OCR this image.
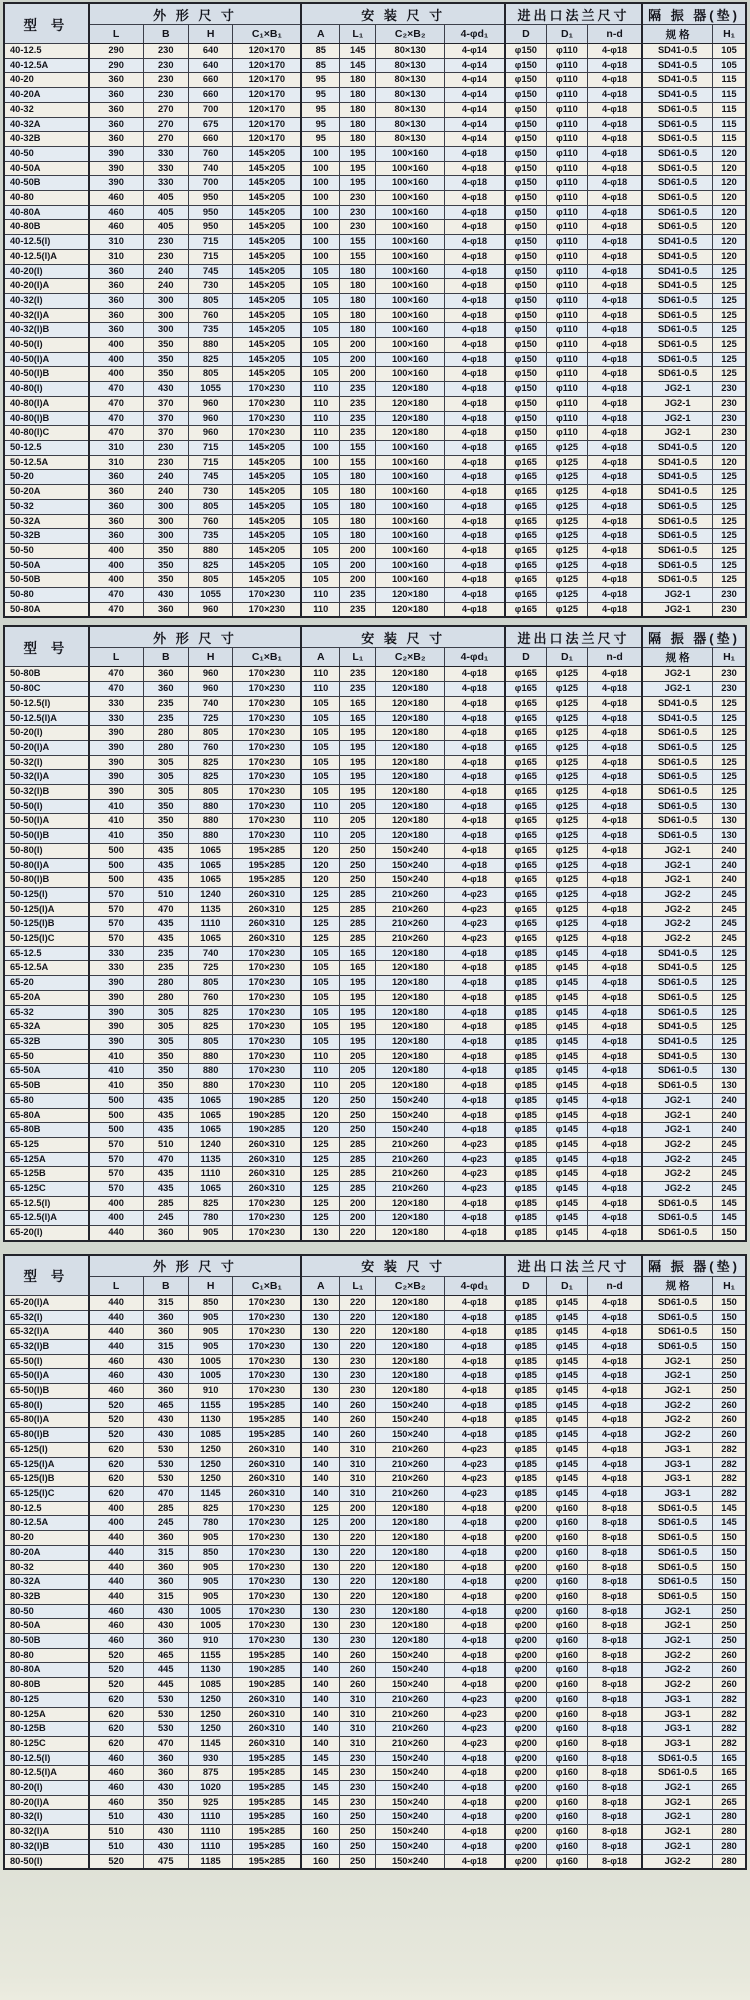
型 号	外 形 尺 寸				安 装 尺 寸				进出口法兰尺寸			隔 振 器(垫)	
	L	B	H	C₁×B₁	A	L₁	C₂×B₂	4-φd₁	D	D₁	n-d	规 格	H₁
40-12.5	290	230	640	120×170	85	145	80×130	4-φ14	φ150	φ110	4-φ18	SD41-0.5	105
40-12.5A	290	230	640	120×170	85	145	80×130	4-φ14	φ150	φ110	4-φ18	SD41-0.5	105
40-20	360	230	660	120×170	95	180	80×130	4-φ14	φ150	φ110	4-φ18	SD41-0.5	115
40-20A	360	230	660	120×170	95	180	80×130	4-φ14	φ150	φ110	4-φ18	SD41-0.5	115
40-32	360	270	700	120×170	95	180	80×130	4-φ14	φ150	φ110	4-φ18	SD61-0.5	115
40-32A	360	270	675	120×170	95	180	80×130	4-φ14	φ150	φ110	4-φ18	SD61-0.5	115
40-32B	360	270	660	120×170	95	180	80×130	4-φ14	φ150	φ110	4-φ18	SD61-0.5	115
40-50	390	330	760	145×205	100	195	100×160	4-φ18	φ150	φ110	4-φ18	SD61-0.5	120
40-50A	390	330	740	145×205	100	195	100×160	4-φ18	φ150	φ110	4-φ18	SD61-0.5	120
40-50B	390	330	700	145×205	100	195	100×160	4-φ18	φ150	φ110	4-φ18	SD61-0.5	120
40-80	460	405	950	145×205	100	230	100×160	4-φ18	φ150	φ110	4-φ18	SD61-0.5	120
40-80A	460	405	950	145×205	100	230	100×160	4-φ18	φ150	φ110	4-φ18	SD61-0.5	120
40-80B	460	405	950	145×205	100	230	100×160	4-φ18	φ150	φ110	4-φ18	SD61-0.5	120
40-12.5(I)	310	230	715	145×205	100	155	100×160	4-φ18	φ150	φ110	4-φ18	SD41-0.5	120
40-12.5(I)A	310	230	715	145×205	100	155	100×160	4-φ18	φ150	φ110	4-φ18	SD41-0.5	120
40-20(I)	360	240	745	145×205	105	180	100×160	4-φ18	φ150	φ110	4-φ18	SD41-0.5	125
40-20(I)A	360	240	730	145×205	105	180	100×160	4-φ18	φ150	φ110	4-φ18	SD41-0.5	125
40-32(I)	360	300	805	145×205	105	180	100×160	4-φ18	φ150	φ110	4-φ18	SD61-0.5	125
40-32(I)A	360	300	760	145×205	105	180	100×160	4-φ18	φ150	φ110	4-φ18	SD61-0.5	125
40-32(I)B	360	300	735	145×205	105	180	100×160	4-φ18	φ150	φ110	4-φ18	SD61-0.5	125
40-50(I)	400	350	880	145×205	105	200	100×160	4-φ18	φ150	φ110	4-φ18	SD61-0.5	125
40-50(I)A	400	350	825	145×205	105	200	100×160	4-φ18	φ150	φ110	4-φ18	SD61-0.5	125
40-50(I)B	400	350	805	145×205	105	200	100×160	4-φ18	φ150	φ110	4-φ18	SD61-0.5	125
40-80(I)	470	430	1055	170×230	110	235	120×180	4-φ18	φ150	φ110	4-φ18	JG2-1	230
40-80(I)A	470	370	960	170×230	110	235	120×180	4-φ18	φ150	φ110	4-φ18	JG2-1	230
40-80(I)B	470	370	960	170×230	110	235	120×180	4-φ18	φ150	φ110	4-φ18	JG2-1	230
40-80(I)C	470	370	960	170×230	110	235	120×180	4-φ18	φ150	φ110	4-φ18	JG2-1	230
50-12.5	310	230	715	145×205	100	155	100×160	4-φ18	φ165	φ125	4-φ18	SD41-0.5	120
50-12.5A	310	230	715	145×205	100	155	100×160	4-φ18	φ165	φ125	4-φ18	SD41-0.5	120
50-20	360	240	745	145×205	105	180	100×160	4-φ18	φ165	φ125	4-φ18	SD41-0.5	125
50-20A	360	240	730	145×205	105	180	100×160	4-φ18	φ165	φ125	4-φ18	SD41-0.5	125
50-32	360	300	805	145×205	105	180	100×160	4-φ18	φ165	φ125	4-φ18	SD61-0.5	125
50-32A	360	300	760	145×205	105	180	100×160	4-φ18	φ165	φ125	4-φ18	SD61-0.5	125
50-32B	360	300	735	145×205	105	180	100×160	4-φ18	φ165	φ125	4-φ18	SD61-0.5	125
50-50	400	350	880	145×205	105	200	100×160	4-φ18	φ165	φ125	4-φ18	SD61-0.5	125
50-50A	400	350	825	145×205	105	200	100×160	4-φ18	φ165	φ125	4-φ18	SD61-0.5	125
50-50B	400	350	805	145×205	105	200	100×160	4-φ18	φ165	φ125	4-φ18	SD61-0.5	125
50-80	470	430	1055	170×230	110	235	120×180	4-φ18	φ165	φ125	4-φ18	JG2-1	230
50-80A	470	360	960	170×230	110	235	120×180	4-φ18	φ165	φ125	4-φ18	JG2-1	230
型 号	外 形 尺 寸				安 装 尺 寸				进出口法兰尺寸			隔 振 器(垫)	
	L	B	H	C₁×B₁	A	L₁	C₂×B₂	4-φd₁	D	D₁	n-d	规 格	H₁
50-80B	470	360	960	170×230	110	235	120×180	4-φ18	φ165	φ125	4-φ18	JG2-1	230
50-80C	470	360	960	170×230	110	235	120×180	4-φ18	φ165	φ125	4-φ18	JG2-1	230
50-12.5(I)	330	235	740	170×230	105	165	120×180	4-φ18	φ165	φ125	4-φ18	SD41-0.5	125
50-12.5(I)A	330	235	725	170×230	105	165	120×180	4-φ18	φ165	φ125	4-φ18	SD41-0.5	125
50-20(I)	390	280	805	170×230	105	195	120×180	4-φ18	φ165	φ125	4-φ18	SD61-0.5	125
50-20(I)A	390	280	760	170×230	105	195	120×180	4-φ18	φ165	φ125	4-φ18	SD61-0.5	125
50-32(I)	390	305	825	170×230	105	195	120×180	4-φ18	φ165	φ125	4-φ18	SD61-0.5	125
50-32(I)A	390	305	825	170×230	105	195	120×180	4-φ18	φ165	φ125	4-φ18	SD61-0.5	125
50-32(I)B	390	305	805	170×230	105	195	120×180	4-φ18	φ165	φ125	4-φ18	SD61-0.5	125
50-50(I)	410	350	880	170×230	110	205	120×180	4-φ18	φ165	φ125	4-φ18	SD61-0.5	130
50-50(I)A	410	350	880	170×230	110	205	120×180	4-φ18	φ165	φ125	4-φ18	SD61-0.5	130
50-50(I)B	410	350	880	170×230	110	205	120×180	4-φ18	φ165	φ125	4-φ18	SD61-0.5	130
50-80(I)	500	435	1065	195×285	120	250	150×240	4-φ18	φ165	φ125	4-φ18	JG2-1	240
50-80(I)A	500	435	1065	195×285	120	250	150×240	4-φ18	φ165	φ125	4-φ18	JG2-1	240
50-80(I)B	500	435	1065	195×285	120	250	150×240	4-φ18	φ165	φ125	4-φ18	JG2-1	240
50-125(I)	570	510	1240	260×310	125	285	210×260	4-φ23	φ165	φ125	4-φ18	JG2-2	245
50-125(I)A	570	470	1135	260×310	125	285	210×260	4-φ23	φ165	φ125	4-φ18	JG2-2	245
50-125(I)B	570	435	1110	260×310	125	285	210×260	4-φ23	φ165	φ125	4-φ18	JG2-2	245
50-125(I)C	570	435	1065	260×310	125	285	210×260	4-φ23	φ165	φ125	4-φ18	JG2-2	245
65-12.5	330	235	740	170×230	105	165	120×180	4-φ18	φ185	φ145	4-φ18	SD41-0.5	125
65-12.5A	330	235	725	170×230	105	165	120×180	4-φ18	φ185	φ145	4-φ18	SD41-0.5	125
65-20	390	280	805	170×230	105	195	120×180	4-φ18	φ185	φ145	4-φ18	SD61-0.5	125
65-20A	390	280	760	170×230	105	195	120×180	4-φ18	φ185	φ145	4-φ18	SD61-0.5	125
65-32	390	305	825	170×230	105	195	120×180	4-φ18	φ185	φ145	4-φ18	SD61-0.5	125
65-32A	390	305	825	170×230	105	195	120×180	4-φ18	φ185	φ145	4-φ18	SD41-0.5	125
65-32B	390	305	805	170×230	105	195	120×180	4-φ18	φ185	φ145	4-φ18	SD41-0.5	125
65-50	410	350	880	170×230	110	205	120×180	4-φ18	φ185	φ145	4-φ18	SD41-0.5	130
65-50A	410	350	880	170×230	110	205	120×180	4-φ18	φ185	φ145	4-φ18	SD61-0.5	130
65-50B	410	350	880	170×230	110	205	120×180	4-φ18	φ185	φ145	4-φ18	SD61-0.5	130
65-80	500	435	1065	190×285	120	250	150×240	4-φ18	φ185	φ145	4-φ18	JG2-1	240
65-80A	500	435	1065	190×285	120	250	150×240	4-φ18	φ185	φ145	4-φ18	JG2-1	240
65-80B	500	435	1065	190×285	120	250	150×240	4-φ18	φ185	φ145	4-φ18	JG2-1	240
65-125	570	510	1240	260×310	125	285	210×260	4-φ23	φ185	φ145	4-φ18	JG2-2	245
65-125A	570	470	1135	260×310	125	285	210×260	4-φ23	φ185	φ145	4-φ18	JG2-2	245
65-125B	570	435	1110	260×310	125	285	210×260	4-φ23	φ185	φ145	4-φ18	JG2-2	245
65-125C	570	435	1065	260×310	125	285	210×260	4-φ23	φ185	φ145	4-φ18	JG2-2	245
65-12.5(I)	400	285	825	170×230	125	200	120×180	4-φ18	φ185	φ145	4-φ18	SD61-0.5	145
65-12.5(I)A	400	245	780	170×230	125	200	120×180	4-φ18	φ185	φ145	4-φ18	SD61-0.5	145
65-20(I)	440	360	905	170×230	130	220	120×180	4-φ18	φ185	φ145	4-φ18	SD61-0.5	150
型 号	外 形 尺 寸				安 装 尺 寸				进出口法兰尺寸			隔 振 器(垫)	
	L	B	H	C₁×B₁	A	L₁	C₂×B₂	4-φd₁	D	D₁	n-d	规 格	H₁
65-20(I)A	440	315	850	170×230	130	220	120×180	4-φ18	φ185	φ145	4-φ18	SD61-0.5	150
65-32(I)	440	360	905	170×230	130	220	120×180	4-φ18	φ185	φ145	4-φ18	SD61-0.5	150
65-32(I)A	440	360	905	170×230	130	220	120×180	4-φ18	φ185	φ145	4-φ18	SD61-0.5	150
65-32(I)B	440	315	905	170×230	130	220	120×180	4-φ18	φ185	φ145	4-φ18	SD61-0.5	150
65-50(I)	460	430	1005	170×230	130	230	120×180	4-φ18	φ185	φ145	4-φ18	JG2-1	250
65-50(I)A	460	430	1005	170×230	130	230	120×180	4-φ18	φ185	φ145	4-φ18	JG2-1	250
65-50(I)B	460	360	910	170×230	130	230	120×180	4-φ18	φ185	φ145	4-φ18	JG2-1	250
65-80(I)	520	465	1155	195×285	140	260	150×240	4-φ18	φ185	φ145	4-φ18	JG2-2	260
65-80(I)A	520	430	1130	195×285	140	260	150×240	4-φ18	φ185	φ145	4-φ18	JG2-2	260
65-80(I)B	520	430	1085	195×285	140	260	150×240	4-φ18	φ185	φ145	4-φ18	JG2-2	260
65-125(I)	620	530	1250	260×310	140	310	210×260	4-φ23	φ185	φ145	4-φ18	JG3-1	282
65-125(I)A	620	530	1250	260×310	140	310	210×260	4-φ23	φ185	φ145	4-φ18	JG3-1	282
65-125(I)B	620	530	1250	260×310	140	310	210×260	4-φ23	φ185	φ145	4-φ18	JG3-1	282
65-125(I)C	620	470	1145	260×310	140	310	210×260	4-φ23	φ185	φ145	4-φ18	JG3-1	282
80-12.5	400	285	825	170×230	125	200	120×180	4-φ18	φ200	φ160	8-φ18	SD61-0.5	145
80-12.5A	400	245	780	170×230	125	200	120×180	4-φ18	φ200	φ160	8-φ18	SD61-0.5	145
80-20	440	360	905	170×230	130	220	120×180	4-φ18	φ200	φ160	8-φ18	SD61-0.5	150
80-20A	440	315	850	170×230	130	220	120×180	4-φ18	φ200	φ160	8-φ18	SD61-0.5	150
80-32	440	360	905	170×230	130	220	120×180	4-φ18	φ200	φ160	8-φ18	SD61-0.5	150
80-32A	440	360	905	170×230	130	220	120×180	4-φ18	φ200	φ160	8-φ18	SD61-0.5	150
80-32B	440	315	905	170×230	130	220	120×180	4-φ18	φ200	φ160	8-φ18	SD61-0.5	150
80-50	460	430	1005	170×230	130	230	120×180	4-φ18	φ200	φ160	8-φ18	JG2-1	250
80-50A	460	430	1005	170×230	130	230	120×180	4-φ18	φ200	φ160	8-φ18	JG2-1	250
80-50B	460	360	910	170×230	130	230	120×180	4-φ18	φ200	φ160	8-φ18	JG2-1	250
80-80	520	465	1155	195×285	140	260	150×240	4-φ18	φ200	φ160	8-φ18	JG2-2	260
80-80A	520	445	1130	190×285	140	260	150×240	4-φ18	φ200	φ160	8-φ18	JG2-2	260
80-80B	520	445	1085	190×285	140	260	150×240	4-φ18	φ200	φ160	8-φ18	JG2-2	260
80-125	620	530	1250	260×310	140	310	210×260	4-φ23	φ200	φ160	8-φ18	JG3-1	282
80-125A	620	530	1250	260×310	140	310	210×260	4-φ23	φ200	φ160	8-φ18	JG3-1	282
80-125B	620	530	1250	260×310	140	310	210×260	4-φ23	φ200	φ160	8-φ18	JG3-1	282
80-125C	620	470	1145	260×310	140	310	210×260	4-φ23	φ200	φ160	8-φ18	JG3-1	282
80-12.5(I)	460	360	930	195×285	145	230	150×240	4-φ18	φ200	φ160	8-φ18	SD61-0.5	165
80-12.5(I)A	460	360	875	195×285	145	230	150×240	4-φ18	φ200	φ160	8-φ18	SD61-0.5	165
80-20(I)	460	430	1020	195×285	145	230	150×240	4-φ18	φ200	φ160	8-φ18	JG2-1	265
80-20(I)A	460	350	925	195×285	145	230	150×240	4-φ18	φ200	φ160	8-φ18	JG2-1	265
80-32(I)	510	430	1110	195×285	160	250	150×240	4-φ18	φ200	φ160	8-φ18	JG2-1	280
80-32(I)A	510	430	1110	195×285	160	250	150×240	4-φ18	φ200	φ160	8-φ18	JG2-1	280
80-32(I)B	510	430	1110	195×285	160	250	150×240	4-φ18	φ200	φ160	8-φ18	JG2-1	280
80-50(I)	520	475	1185	195×285	160	250	150×240	4-φ18	φ200	φ160	8-φ18	JG2-2	280
